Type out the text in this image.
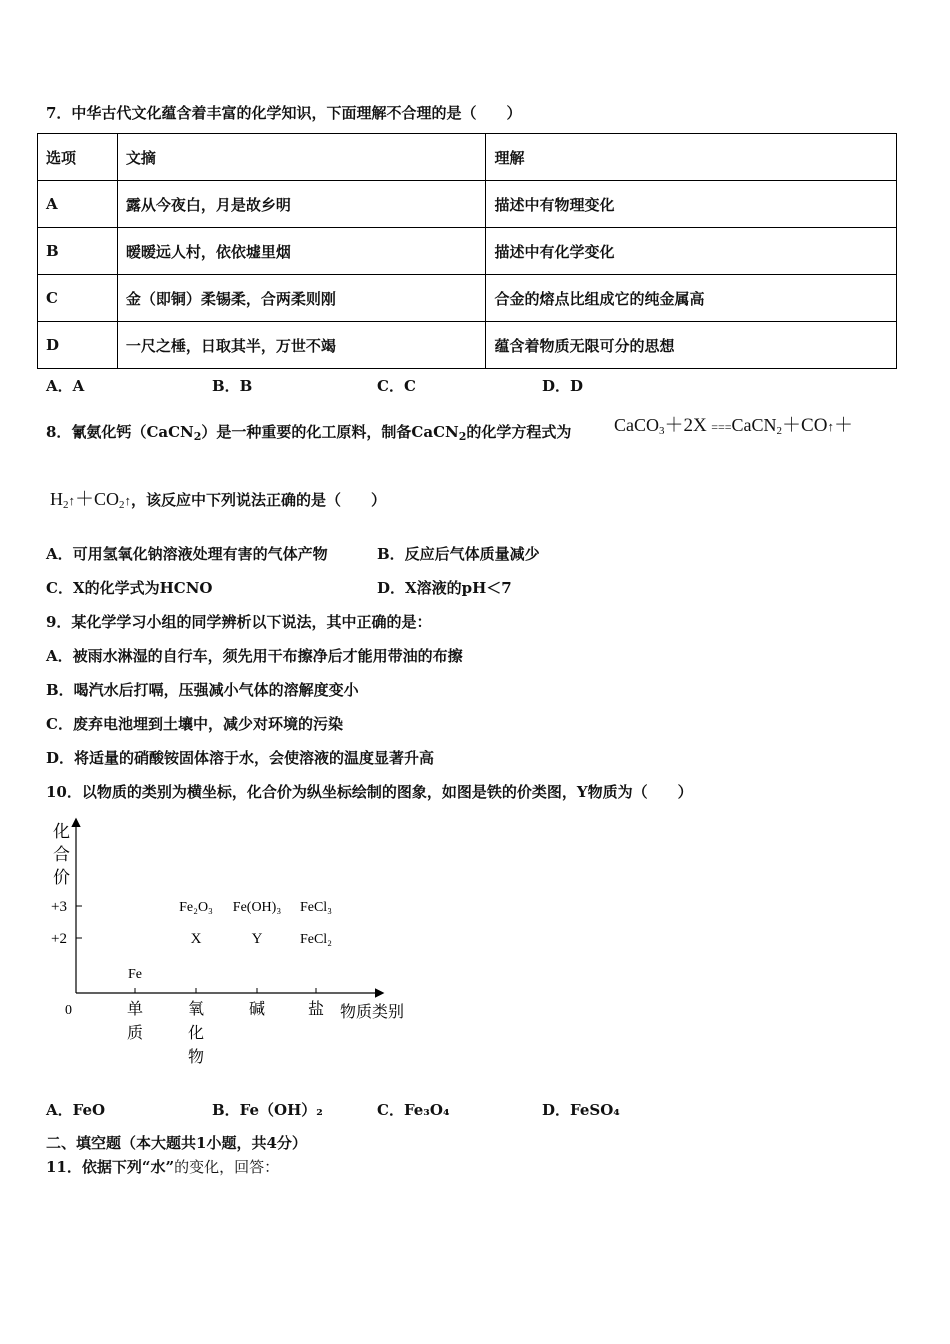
7．中华古代文化蕴含着丰富的化学知识，下面理解不合理的是（　　）
选项	文摘	理解
A	露从今夜白，月是故乡明	描述中有物理变化
B	暧暧远人村，依依墟里烟	描述中有化学变化
C	金（即铜）柔锡柔，合两柔则刚	合金的熔点比组成它的纯金属高
D	一尺之棰，日取其半，万世不竭	蕴含着物质无限可分的思想
A．A	B．B	C．C	D．D
8．氰氨化钙（CaCN$_2$）是一种重要的化工原料，制备CaCN$_2$的化学方程式为 CaCO$_3$＋2X ===CaCN$_2$＋CO↑＋
$H_2↑+CO_2↑$，该反应中下列说法正确的是（　　）
A．可用氢氧化钠溶液处理有害的气体产物	B．反应后气体质量减少
C．X的化学式为HCNO	D．X溶液的pH＜7
9．某化学学习小组的同学辨析以下说法，其中正确的是：
A．被雨水淋湿的自行车，须先用干布擦净后才能用带油的布擦
B．喝汽水后打嗝，压强减小气体的溶解度变小
C．废弃电池埋到土壤中，减少对环境的污染
D．将适量的硝酸铵固体溶于水，会使溶液的温度显著升高
10．以物质的类别为横坐标，化合价为纵坐标绘制的图象，如图是铁的价类图，Y物质为（　　）
化
合
价
0
+3
+2
单
质
氧
化
物
碱	盐 物质类别
Fe
Fe₂O₃ Fe(OH)₃ FeCl₃
X	Y	FeCl₂
A．FeO	B．Fe（OH）₂	C．Fe₃O₄	D．FeSO₄
二、填空题（本大题共1小题，共4分）
11．依据下列“水”的变化，回答：
